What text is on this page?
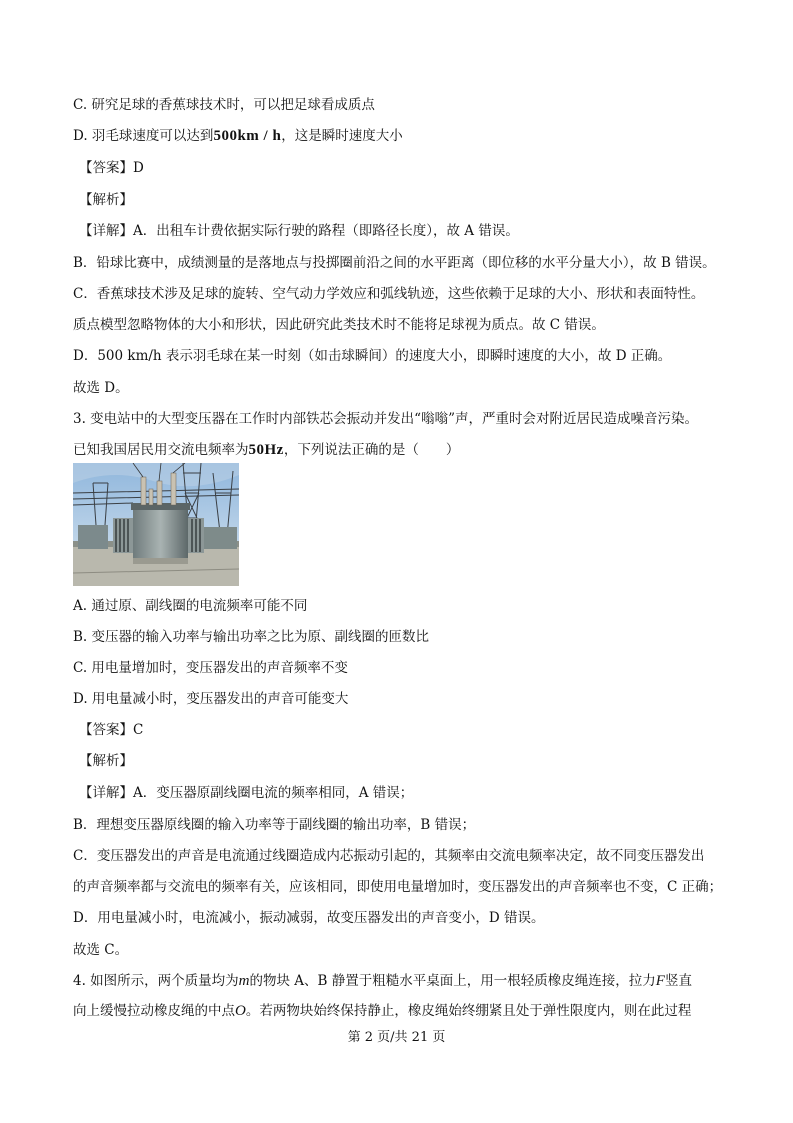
C. 研究足球的香蕉球技术时，可以把足球看成质点
D. 羽毛球速度可以达到500km / h，这是瞬时速度大小
【答案】D
【解析】
【详解】A．出租车计费依据实际行驶的路程（即路径长度），故 A 错误。
B．铅球比赛中，成绩测量的是落地点与投掷圈前沿之间的水平距离（即位移的水平分量大小），故 B 错误。
C．香蕉球技术涉及足球的旋转、空气动力学效应和弧线轨迹，这些依赖于足球的大小、形状和表面特性。
质点模型忽略物体的大小和形状，因此研究此类技术时不能将足球视为质点。故 C 错误。
D．500 km/h 表示羽毛球在某一时刻（如击球瞬间）的速度大小，即瞬时速度的大小，故 D 正确。
故选 D。
3. 变电站中的大型变压器在工作时内部铁芯会振动并发出“嗡嗡”声，严重时会对附近居民造成噪音污染。
已知我国居民用交流电频率为50Hz，下列说法正确的是（　　）
A. 通过原、副线圈的电流频率可能不同
B. 变压器的输入功率与输出功率之比为原、副线圈的匝数比
C. 用电量增加时，变压器发出的声音频率不变
D. 用电量减小时，变压器发出的声音可能变大
【答案】C
【解析】
【详解】A．变压器原副线圈电流的频率相同，A 错误；
B．理想变压器原线圈的输入功率等于副线圈的输出功率，B 错误；
C．变压器发出的声音是电流通过线圈造成内芯振动引起的，其频率由交流电频率决定，故不同变压器发出
的声音频率都与交流电的频率有关，应该相同，即使用电量增加时，变压器发出的声音频率也不变，C 正确；
D．用电量减小时，电流减小，振动减弱，故变压器发出的声音变小，D 错误。
故选 C。
4. 如图所示，两个质量均为m的物块 A、B 静置于粗糙水平桌面上，用一根轻质橡皮绳连接，拉力F竖直
向上缓慢拉动橡皮绳的中点O。若两物块始终保持静止，橡皮绳始终绷紧且处于弹性限度内，则在此过程
第 2 页/共 21 页
